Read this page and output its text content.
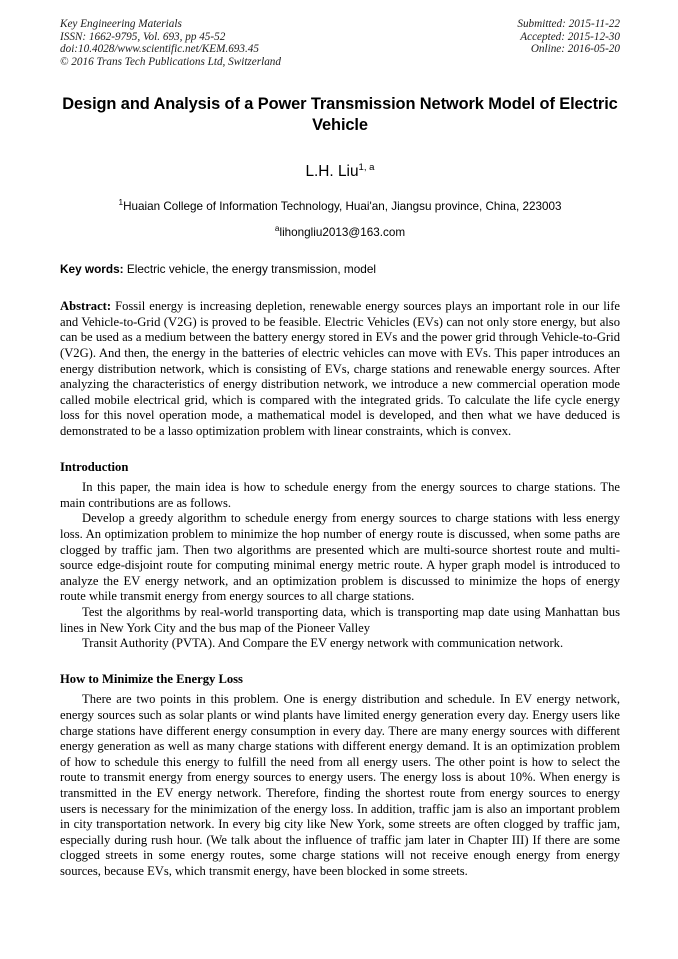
Key Engineering Materials
ISSN: 1662-9795, Vol. 693, pp 45-52
doi:10.4028/www.scientific.net/KEM.693.45
© 2016 Trans Tech Publications Ltd, Switzerland
Submitted: 2015-11-22
Accepted: 2015-12-30
Online: 2016-05-20
Design and Analysis of a Power Transmission Network Model of Electric Vehicle
L.H. Liu$^{1, a}$
$^1$Huaian College of Information Technology, Huai'an, Jiangsu province, China, 223003
$^a$lihongliu2013@163.com
Key words: Electric vehicle, the energy transmission, model
Abstract: Fossil energy is increasing depletion, renewable energy sources plays an important role in our life and Vehicle-to-Grid (V2G) is proved to be feasible. Electric Vehicles (EVs) can not only store energy, but also can be used as a medium between the battery energy stored in EVs and the power grid through Vehicle-to-Grid (V2G). And then, the energy in the batteries of electric vehicles can move with EVs. This paper introduces an energy distribution network, which is consisting of EVs, charge stations and renewable energy sources. After analyzing the characteristics of energy distribution network, we introduce a new commercial operation mode called mobile electrical grid, which is compared with the integrated grids. To calculate the life cycle energy loss for this novel operation mode, a mathematical model is developed, and then what we have deduced is demonstrated to be a lasso optimization problem with linear constraints, which is convex.
Introduction

In this paper, the main idea is how to schedule energy from the energy sources to charge stations. The main contributions are as follows.

Develop a greedy algorithm to schedule energy from energy sources to charge stations with less energy loss. An optimization problem to minimize the hop number of energy route is discussed, when some paths are clogged by traffic jam. Then two algorithms are presented which are multi-source shortest route and multi-source edge-disjoint route for computing minimal energy metric route. A hyper graph model is introduced to analyze the EV energy network, and an optimization problem is discussed to minimize the hops of energy route while transmit energy from energy sources to all charge stations.

Test the algorithms by real-world transporting data, which is transporting map date using Manhattan bus lines in New York City and the bus map of the Pioneer Valley

Transit Authority (PVTA). And Compare the EV energy network with communication network.

How to Minimize the Energy Loss

There are two points in this problem. One is energy distribution and schedule. In EV energy network, energy sources such as solar plants or wind plants have limited energy generation every day. Energy users like charge stations have different energy consumption in every day. There are many energy sources with different energy generation as well as many charge stations with different energy demand. It is an optimization problem of how to schedule this energy to fulfill the need from all energy users. The other point is how to select the route to transmit energy from energy sources to energy users. The energy loss is about 10%. When energy is transmitted in the EV energy network. Therefore, finding the shortest route from energy sources to energy users is necessary for the minimization of the energy loss. In addition, traffic jam is also an important problem in city transportation network. In every big city like New York, some streets are often clogged by traffic jam, especially during rush hour. (We talk about the influence of traffic jam later in Chapter III) If there are some clogged streets in some energy routes, some charge stations will not receive enough energy from energy sources, because EVs, which transmit energy, have been blocked in some streets.
